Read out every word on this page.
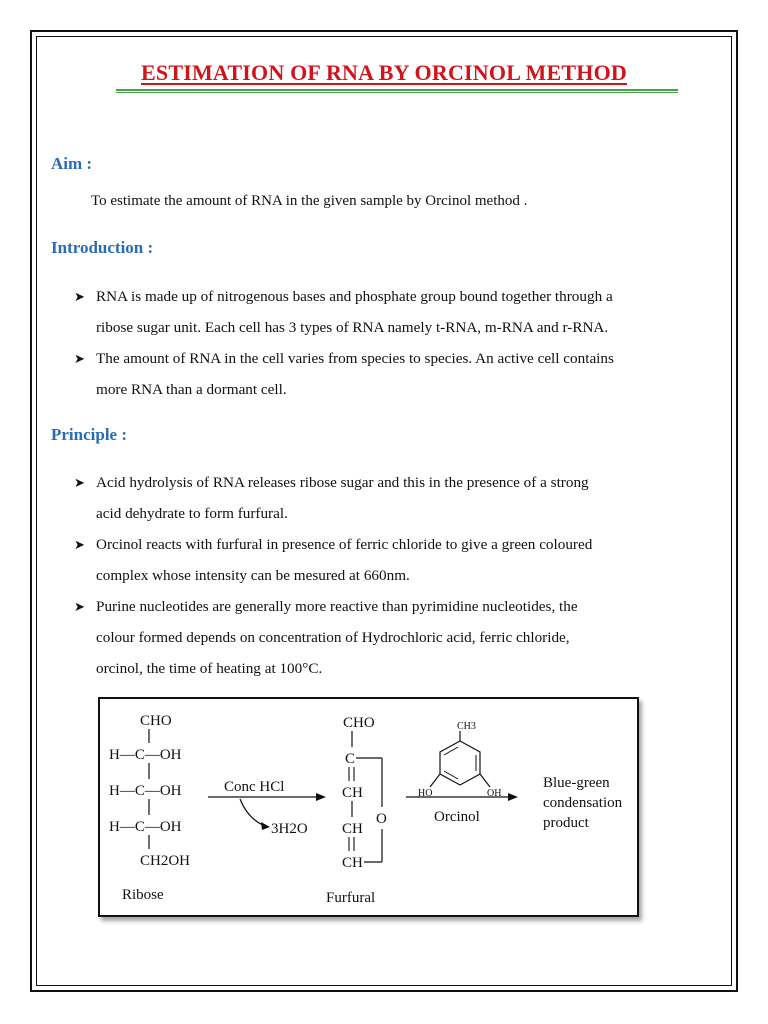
ESTIMATION OF RNA BY ORCINOL METHOD
Aim :
To estimate the amount of RNA in the given sample by Orcinol method .
Introduction :
➤ RNA is made up of nitrogenous bases and phosphate group bound together through a
ribose sugar unit. Each cell has 3 types of RNA namely t-RNA, m-RNA and r-RNA.
➤ The amount of RNA in the cell varies from species to species. An active cell contains
more RNA than a dormant cell.
Principle :
➤ Acid hydrolysis of RNA releases ribose sugar and this in the presence of a strong
acid dehydrate to form furfural.
➤ Orcinol reacts with furfural in presence of ferric chloride to give a green coloured
complex whose intensity can be mesured at 660nm.
➤ Purine nucleotides are generally more reactive than pyrimidine nucleotides, the
colour formed depends on concentration of Hydrochloric acid, ferric chloride,
orcinol, the time of heating at 100°C.
CHO
H—C—OH
H—C—OH
H—C—OH
CH2OH
Ribose
Conc HCl
3H2O
CHO
C
CH
O
CH
CH
Furfural
CH3
HO	OH
Orcinol
Blue-green
condensation
product
